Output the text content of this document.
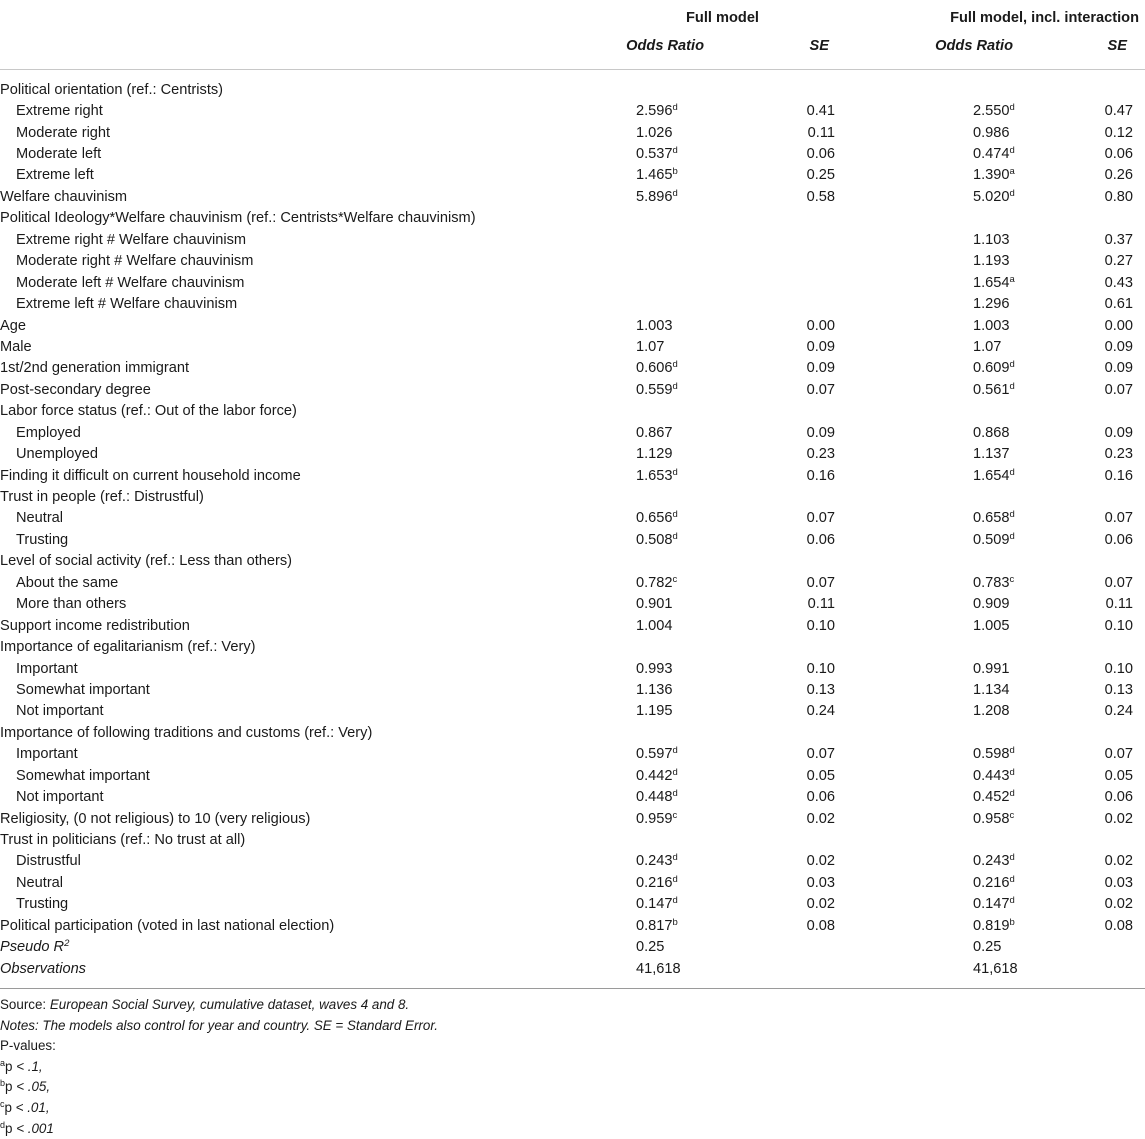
	Full model		Full model, incl. interaction	
	Odds Ratio	SE	Odds Ratio	SE
Political orientation (ref.: Centrists)				
Extreme right	2.596$^d$	0.41	2.550$^d$	0.47
Moderate right	1.026	0.11	0.986	0.12
Moderate left	0.537$^d$	0.06	0.474$^d$	0.06
Extreme left	1.465$^b$	0.25	1.390$^a$	0.26
Welfare chauvinism	5.896$^d$	0.58	5.020$^d$	0.80
Political Ideology*Welfare chauvinism (ref.: Centrists*Welfare chauvinism)				
Extreme right # Welfare chauvinism			1.103	0.37
Moderate right # Welfare chauvinism			1.193	0.27
Moderate left # Welfare chauvinism			1.654$^a$	0.43
Extreme left # Welfare chauvinism			1.296	0.61
Age	1.003	0.00	1.003	0.00
Male	1.07	0.09	1.07	0.09
1st/2nd generation immigrant	0.606$^d$	0.09	0.609$^d$	0.09
Post-secondary degree	0.559$^d$	0.07	0.561$^d$	0.07
Labor force status (ref.: Out of the labor force)				
Employed	0.867	0.09	0.868	0.09
Unemployed	1.129	0.23	1.137	0.23
Finding it difficult on current household income	1.653$^d$	0.16	1.654$^d$	0.16
Trust in people (ref.: Distrustful)				
Neutral	0.656$^d$	0.07	0.658$^d$	0.07
Trusting	0.508$^d$	0.06	0.509$^d$	0.06
Level of social activity (ref.: Less than others)				
About the same	0.782$^c$	0.07	0.783$^c$	0.07
More than others	0.901	0.11	0.909	0.11
Support income redistribution	1.004	0.10	1.005	0.10
Importance of egalitarianism (ref.: Very)				
Important	0.993	0.10	0.991	0.10
Somewhat important	1.136	0.13	1.134	0.13
Not important	1.195	0.24	1.208	0.24
Importance of following traditions and customs (ref.: Very)				
Important	0.597$^d$	0.07	0.598$^d$	0.07
Somewhat important	0.442$^d$	0.05	0.443$^d$	0.05
Not important	0.448$^d$	0.06	0.452$^d$	0.06
Religiosity, (0 not religious) to 10 (very religious)	0.959$^c$	0.02	0.958$^c$	0.02
Trust in politicians (ref.: No trust at all)				
Distrustful	0.243$^d$	0.02	0.243$^d$	0.02
Neutral	0.216$^d$	0.03	0.216$^d$	0.03
Trusting	0.147$^d$	0.02	0.147$^d$	0.02
Political participation (voted in last national election)	0.817$^b$	0.08	0.819$^b$	0.08
Pseudo $R^2$	0.25		0.25	
Observations	41,618		41,618	

Source: European Social Survey, cumulative dataset, waves 4 and 8.
Notes: The models also control for year and country. SE = Standard Error.
P-values:
$^a$p < .1,
$^b$p < .05,
$^c$p < .01,
$^d$p < .001
